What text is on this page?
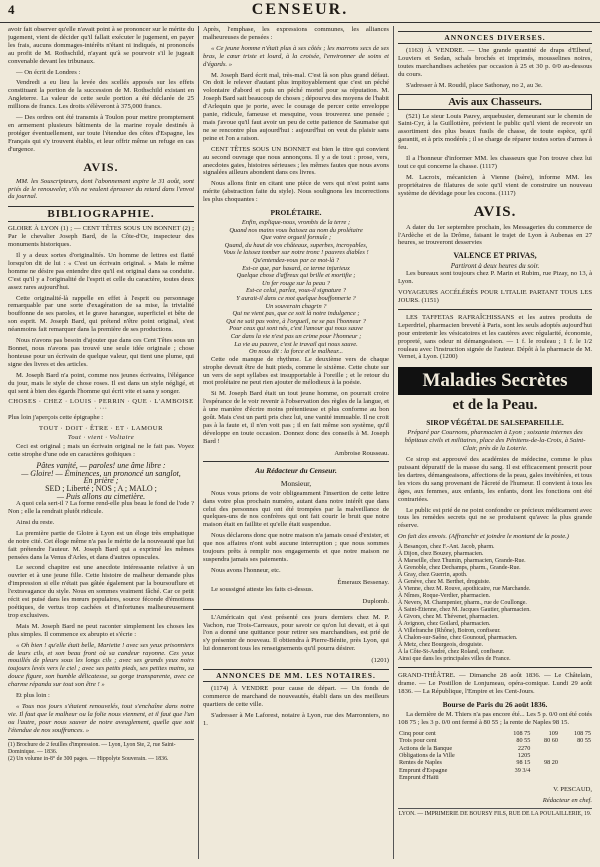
4	CENSEUR.

avoir fait observer qu'elle n'avait point à se prononcer sur le mérite du jugement, vient de décider qu'il fallait exécuter le jugement, en payer les frais, aucuns dommages-intérêts n'étant ni indiqués, ni prononcés au profit de M. Rothschild, n'ayant qu'à se pourvoir s'il le jugeait convenable devant les tribunaux.

— On écrit de Londres :

Vendredi a eu lieu la levée des scellés apposés sur les effets constituant la portion de la succession de M. Rothschild existant en Angleterre. La valeur de cette seule portion a été déclarée de 25 millions de francs. Les droits s'élèveront à 375,000 francs.

— Des ordres ont été transmis à Toulon pour mettre promptement en armement plusieurs bâtiments de la marine royale destinés à protéger éventuellement, sur toute l'étendue des côtes d'Espagne, les Français qui s'y trouvent établis, et leur offrir même un refuge en cas d'urgence.

AVIS.

MM. les Souscripteurs, dont l'abonnement expire le 31 août, sont priés de le renouveler, s'ils ne veulent éprouver du retard dans l'envoi du journal.

BIBLIOGRAPHIE.

GLOIRE À LYON (1) ; — CENT TÊTES SOUS UN BONNET (2) ; Par le chevalier Joseph Bard, de la Côte-d'Or, inspecteur des monuments historiques.

Il y a deux sortes d'originalités. Un homme de lettres est flatté lorsqu'on dit de lui : « C'est un écrivain original. » Mais le même homme ne désire pas entendre dire qu'il est original dans sa conduite. C'est qu'il y a l'originalité de l'esprit et celle du caractère, toutes deux assez rares aujourd'hui.

Cette originalité-là rappelle en effet à l'esprit ou personnage remarquable par une sorte d'exagération de sa mise, la trivialité bouffonne de ses paroles, et le grave harangue, superficiel et bête de son esprit. M. Joseph Bard, qui prétend n'être point original, s'est néanmoins fait remarquer dans la première de ses productions.

Nous n'avons pas besoin d'ajouter que dans ces Cent Têtes sous un Bonnet, nous n'avons pas trouvé une seule idée originale ; chose honteuse pour un écrivain de quelque valeur, qui tient une plume, qui signe des livres et des articles.

M. Joseph Bard n'a point, comme nos jeunes écrivains, l'élégance du jour, mais le style de chose roses. Il est dans un style négligé, et qui sent à bien des égards l'homme qui écrit vite et sans y songer.

CHOSES · CHEZ · LOUIS · PERRIN · QUE · L'AMBOISE · ···

Plus loin j'aperçois cette épigraphe :

TOUT · DOIT · ÊTRE · ET · LAMOUR
Tout · vient · Voltaire

Ceci est original ; mais un écrivain original ne le fait pas. Voyez cette strophe d'une ode en caractères gothiques :

Pâtes vanité, — paroles! une âme libre :
— Gloire! — Éminences, un prononcé un sanglot,
En prière ;
SED ; Liberté ; NOS ; A ; MALO ;
— Puis allons au cimetière.

A quoi cela sert-il ? La forme rend-elle plus beau le fond de l'ode ? Non ; elle la rendrait plutôt ridicule.

Ainsi du reste.

La première partie de Gloire à Lyon est un éloge très emphatique de notre cité. Cet éloge même n'a pas le mérite de la nouveauté que lui fait prétendre l'auteur. M. Joseph Bard qui a exprimé les mêmes pensées dans la Venus d'Arles, et dans d'autres opuscules.

Le second chapitre est une anecdote intéressante relative à un ouvrier et à une jeune fille. Cette histoire de malheur demande plus d'impression si elle n'était pas gâtée également par la boursouflure et l'extravagance du style. Nous en sommes vraiment fâché. Car ce petit récit est puisé dans les mœurs populaires, source féconde d'émotions poétiques, de vertus trop cachées et d'infortunes malheureusement trop exclusives.

Mais M. Joseph Bard ne peut raconter simplement les choses les plus simples. Il commence ex abrupto et s'écrie :

« Oh bien ! qu'elle était belle, Mariette ! avec ses yeux prisonniers de leurs cils, et son beau front où sa candeur rayonne. Ces yeux mouillés de pleurs sous les longs cils ; avec ses grands yeux noirs toujours levés vers le ciel ; avec ses petits pieds, ses petites mains, sa douce figure, son humble délicatesse, sa gorge transparente, avec ce charme répandu sur tout son être ! »

Et plus loin :

« Tous nos jours s'étaient renouvelés, tout s'enchaîne dans notre vie. Il faut que le malheur ou la folie nous viennent, et il faut que l'un ou l'autre, pour nous sauver de notre aveuglement, quelle que soit l'étendue de nos souffrances. »

(1) Brochure de 2 feuilles d'impression. — Lyon, Lyon Ste, 2, rue Saint-Dominique. — 1836.
(2) Un volume in-8° de 300 pages. — Hippolyte Souverain. — 1836.

Après, l'emphase, les expressions communes, les alliances malheureuses de pensées :

« Ce jeune homme n'était plus à ses côtés ; les marrons secs de ses bras, le cœur triste et lourd, à la croisée, l'environner de soins et d'égards. »

M. Joseph Bard écrit mal, très-mal. C'est là son plus grand défaut. On doit le relever d'autant plus impitoyablement que c'est un péché volontaire d'abord et puis un péché mortel pour sa réputation. M. Joseph Bard sait beaucoup de choses ; dépourvu des moyens de l'habit d'Arlequin que je porte, avec le courage de percer cette enveloppe panie, ridicule, fameuse et mesquine, vous trouverez une pensée ; mais j'avoue qu'il faut avoir un peu de cette patience de Saumaise qui ne se rencontre plus aujourd'hui : aujourd'hui on veut du plaisir sans peine et l'on a raison.

CENT TÊTES SOUS UN BONNET est bien le titre qui convient au second ouvrage que nous annonçons. Il y a de tout : prose, vers, anecdotes gaies, histoires sérieuses ; les mêmes fautes que nous avons signalées ailleurs abondent dans ces livres.

Nous allons finir en citant une pièce de vers qui n'est point sans mérite (abstraction faite du style). Nous soulignons les incorrections les plus choquantes :

PROLÉTAIRE.
Enfin, explique-nous, vrombis de la terre ;
Quand nos mains vous baissez au nom du prolétaire
Que votre orgueil formule ;
Quand, du haut de vos châteaux, superbes, incroyables,
Vous le laissez tomber sur notre tronc ! pauvres diables !
Qu'entendez-vous par ce mot-là ?
Est-ce que, par hasard, ce terme injurieux
Quelque chose d'affreux qui brille et mortifie ;
Un fer rouge sur la peau ?
Est-ce celui, parlez, vous-il signature ?
Y aurait-il dans ce mot quelque bouffonnerie ?
Un souverain chagrin ?
Qui ne vient pas, que ce soit là notre indulgence ;
Qui ne sait pas votre, à l'orgueil, ne se pas l'honneur ?
Pour ceux qui sont nés, c'est l'amour qui nous sauve
Car dans la vie n'est pas un crime pour l'honneur ;
La vie au pauvre, c'est le travail qui nous sauve.
On nous dit : la force et le malheur...

Cette ode manque de rhythme. Le deuxième vers de chaque strophe devrait être de huit pieds, comme le sixième. Cette chute sur un vers de sept syllabes est insupportable à l'oreille ; et le retour du mot prolétaire ne peut rien ajouter de mélodieux à la poésie.

Si M. Joseph Bard était un tout jeune homme, on pourrait croire l'espérance de le voir revenir à l'observation des règles de la langue, et à une manière d'écrire moins prétentieuse et plus conforme au bon goût. Mais c'est un parti pris chez lui, une vanité immuable. Il ne croit pas à la faute et, il n'en voit pas ; il en fait même son système, qu'il développe en toute occasion. Donnez donc des conseils à M. Joseph Bard !

Ambroise Rousseau.
Au Rédacteur du Censeur.
Monsieur,

Nous vous prions de voir obligeamment l'insertion de cette lettre dans votre plus prochain numéro, autant dans notre intérêt que dans celui des personnes qui ont été trompées par la malveillance de quelques-uns de nos confrères qui ont fait courir le bruit que notre maison était en faillite et qu'elle était suspendue.

Nous déclarons donc que notre maison n'a jamais cessé d'exister, et que nos affaires n'ont subi aucune interruption ; que nous sommes toujours prêts à remplir nos engagements et que notre maison ne suspendra jamais ses paiements.

Nous avons l'honneur, etc.

Émeraux Bessenay.

Le soussigné atteste les faits ci-dessus.

Duplomb.

L'Américain qui s'est présenté ces jours derniers chez M. P. Vachon, rue Trois-Carreaux, pour savoir ce qu'on lui devait, et à qui l'on a donné une quittance pour retirer ses marchandises, est prié de s'y présenter de nouveau. Il obtiendra à Pierre-Bénite, près Lyon, qui lui donneront tous les renseignements qu'il pourra désirer.

(1201)
ANNONCES DE MM. LES NOTAIRES.

(1174) À VENDRE pour cause de départ. — Un fonds de commerce de marchand de nouveautés, établi dans un des meilleurs quartiers de cette ville.

S'adresser à Me Laforest, notaire à Lyon, rue des Marronniers, no 1.

ANNONCES DIVERSES.

(1163) À VENDRE. — Une grande quantité de draps d'Elbeuf, Louviers et Sedan, schals brochés et imprimés, mousselines noires, toutes marchandises achetées par occasion à 25 et 30 p. 0/0 au-dessous du cours.

S'adresser à M. Roudil, place Sathonay, no 2, au 3e.

Avis aux Chasseurs.

(521) Le sieur Louis Pauvy, arquebusier, demeurant sur le chemin de Saint-Cyr, à la Guillotière, prévient le public qu'il vient de recevoir un assortiment des plus beaux fusils de chasse, de toute espèce, qu'il garantit, et à prix modérés ; il se charge de réparer toutes sortes d'armes à feu.

Il a l'honneur d'informer MM. les chasseurs que l'on trouve chez lui tout ce qui concerne la chasse. (1117)

M. Lacroix, mécanicien à Vienne (Isère), informe MM. les propriétaires de filatures de soie qu'il vient de construire un nouveau système de dévidage pour les cocons. (1117)

AVIS.

A dater du 1er septembre prochain, les Messageries du commerce de l'Ardèche et de la Drôme, faisant le trajet de Lyon à Aubenas en 27 heures, se trouveront desservies

VALENCE ET PRIVAS,
Partiront à deux heures du soir.

Les bureaux sont toujours chez P. Marin et Rubim, rue Pizay, no 13, à Lyon.

VOYAGEURS ACCÉLÉRÉS POUR L'ITALIE PARTANT TOUS LES JOURS. (1151)

LES TAFFETAS RAFRAÎCHISSANS et les autres produits de Leperdriel, pharmacien breveté à Paris, sont les seuls adoptés aujourd'hui pour entretenir les vésicatoires et les cautères avec régularité, économie, propreté, sans odeur ni démangeaison. — 1 f. le rouleau ; 1 f. le 1/2 rouleau avec l'instruction signée de l'auteur. Dépôt à la pharmacie de M. Vernet, à Lyon. (1200)

Maladies Secrètes
et de la Peau.
SIROP VÉGÉTAL DE SALSEPAREILLE.

Préparé par Cournons, pharmacien à Lyon ; soixante internes des hôpitaux civils et militaires, place des Pénitens-de-la-Croix, à Saint-Clair, près de la Loterie.

Ce sirop est approuvé des académies de médecine, comme le plus puissant dépuratif de la masse du sang. Il est efficacement prescrit pour les dartres, démangeaisons, affections de la peau, gales invétérées, et tous les vices du sang provenant de l'âcreté de l'humeur. Il convient à tous les âges, aux femmes, aux enfants, les enfants, dont les fonctions ont été contrariées.

Le public est prié de ne point confondre ce précieux médicament avec tous les remèdes secrets qui ne se produisent qu'avec la plus grande réserve.

On fait des envois. (Affranchir et joindre le montant de la poste.)

À Besançon, chez F.-Ant. Jacob, pharm.
À Dijon, chez Bouzey, pharmacien.
À Marseille, chez Thumin, pharmacien, Grande-Rue.
À Grenoble, chez Dechamps, pharm., Grande-Rue.
À Gray, chez Guerrin, apoth.
À Genève, chez M. Berthet, droguiste.
À Vienne, chez M. Rouve, apothicaire, rue Marchande.
À Nîmes, Roque-Verdier, pharmacien.
À Nevers, M. Champenier, pharm., rue de Coullonge.
À Saint-Étienne, chez M. Jacques Gautier, pharmacien.
À Givors, chez M. Thévenet, pharmacien.
À Avignon, chez Goilard, pharmacien.
À Villefranche (Rhône), Boiron, confiseur.
À Chalon-sur-Saône, chez Gounoud, pharmacien.
À Metz, chez Bourgeois, droguiste.
À la Côte-St-André, chez Roland, confiseur.
Ainsi que dans les principales villes de France.

GRAND-THÉÂTRE. — Dimanche 28 août 1836. — Le Châtelain, drame. — Le Postillon de Lonjumeau, opéra-comique. Lundi 29 août 1836. — La République, l'Empire et les Cent-Jours.

Bourse de Paris du 26 août 1836.

La dernière de M. Thiers n'a pas encore été... Les 5 p. 0/0 ont été cotés 108 75 ; les 3 p. 0/0 ont fermé à 80 55 ; la rente de Naples 98 15.

Cinq pour cent	108 75	109	108 75
Trois pour cent	80 55	80 60	80 55
Actions de la Banque	2270		
Obligations de la Ville	1205		
Rentes de Naples	98 15	98 20	
Emprunt d'Espagne	39 3/4		
Emprunt d'Haïti			
V. PESCAUD,
Rédacteur en chef.
LYON. — IMPRIMERIE DE BOURSY FILS, RUE DE LA POULAILLERIE, 19.
